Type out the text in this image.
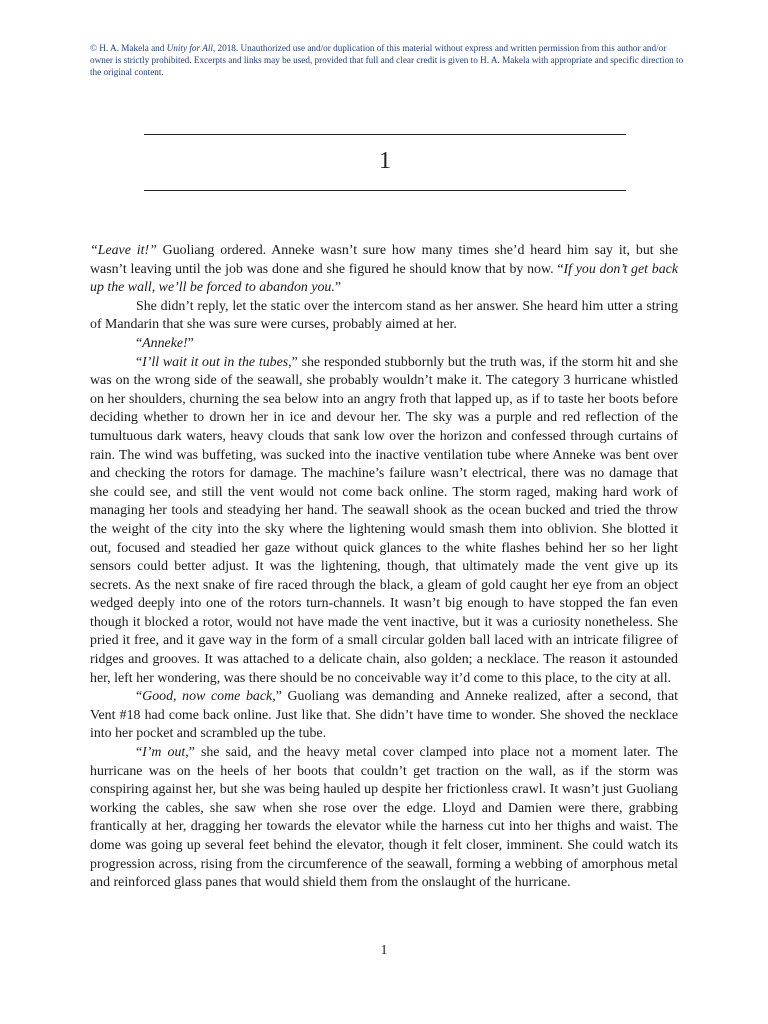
© H. A. Makela and Unity for All, 2018. Unauthorized use and/or duplication of this material without express and written permission from this author and/or owner is strictly prohibited. Excerpts and links may be used, provided that full and clear credit is given to H. A. Makela with appropriate and specific direction to the original content.

1

“Leave it!” Guoliang ordered. Anneke wasn’t sure how many times she’d heard him say it, but she wasn’t leaving until the job was done and she figured he should know that by now. “If you don’t get back up the wall, we’ll be forced to abandon you.”

She didn’t reply, let the static over the intercom stand as her answer. She heard him utter a string of Mandarin that she was sure were curses, probably aimed at her.

“Anneke!”

“I’ll wait it out in the tubes,” she responded stubbornly but the truth was, if the storm hit and she was on the wrong side of the seawall, she probably wouldn’t make it. The category 3 hurricane whistled on her shoulders, churning the sea below into an angry froth that lapped up, as if to taste her boots before deciding whether to drown her in ice and devour her. The sky was a purple and red reflection of the tumultuous dark waters, heavy clouds that sank low over the horizon and confessed through curtains of rain. The wind was buffeting, was sucked into the inactive ventilation tube where Anneke was bent over and checking the rotors for damage. The machine’s failure wasn’t electrical, there was no damage that she could see, and still the vent would not come back online. The storm raged, making hard work of managing her tools and steadying her hand. The seawall shook as the ocean bucked and tried the throw the weight of the city into the sky where the lightening would smash them into oblivion. She blotted it out, focused and steadied her gaze without quick glances to the white flashes behind her so her light sensors could better adjust. It was the lightening, though, that ultimately made the vent give up its secrets. As the next snake of fire raced through the black, a gleam of gold caught her eye from an object wedged deeply into one of the rotors turn-channels. It wasn’t big enough to have stopped the fan even though it blocked a rotor, would not have made the vent inactive, but it was a curiosity nonetheless. She pried it free, and it gave way in the form of a small circular golden ball laced with an intricate filigree of ridges and grooves. It was attached to a delicate chain, also golden; a necklace. The reason it astounded her, left her wondering, was there should be no conceivable way it’d come to this place, to the city at all.

“Good, now come back,” Guoliang was demanding and Anneke realized, after a second, that Vent #18 had come back online. Just like that. She didn’t have time to wonder. She shoved the necklace into her pocket and scrambled up the tube.

“I’m out,” she said, and the heavy metal cover clamped into place not a moment later. The hurricane was on the heels of her boots that couldn’t get traction on the wall, as if the storm was conspiring against her, but she was being hauled up despite her frictionless crawl. It wasn’t just Guoliang working the cables, she saw when she rose over the edge. Lloyd and Damien were there, grabbing frantically at her, dragging her towards the elevator while the harness cut into her thighs and waist. The dome was going up several feet behind the elevator, though it felt closer, imminent. She could watch its progression across, rising from the circumference of the seawall, forming a webbing of amorphous metal and reinforced glass panes that would shield them from the onslaught of the hurricane.

1
